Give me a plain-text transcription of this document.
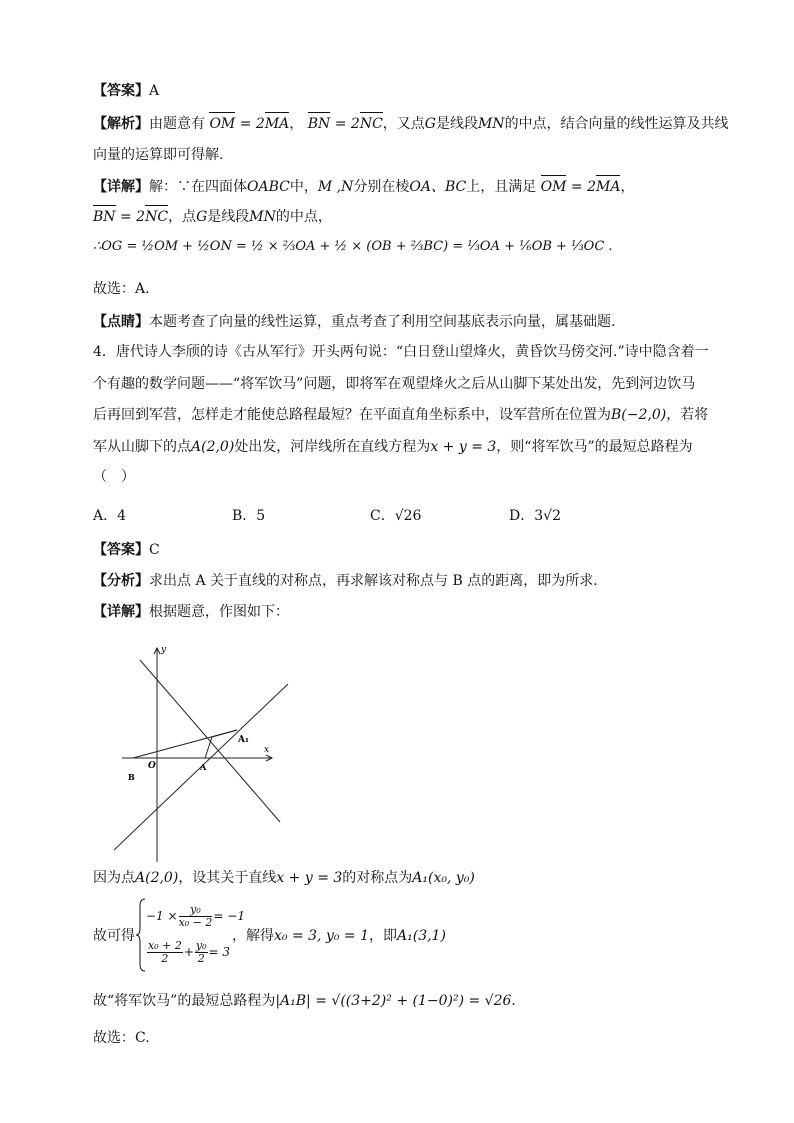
【答案】A
【解析】由题意有 OM = 2MA， BN = 2NC，又点G是线段MN的中点，结合向量的线性运算及共线
向量的运算即可得解.
【详解】解：∵在四面体OABC中，M ,N分别在棱OA、BC上，且满足 OM = 2MA，
BN = 2NC，点G是线段MN的中点，
∴OG = ½OM + ½ON = ½ × ⅔OA + ½ × (OB + ⅔BC) = ⅓OA + ⅙OB + ⅓OC .
故选：A.
【点睛】本题考查了向量的线性运算，重点考查了利用空间基底表示向量，属基础题.
4．唐代诗人李颀的诗《古从军行》开头两句说：“白日登山望烽火，黄昏饮马傍交河.”诗中隐含着一
个有趣的数学问题——“将军饮马”问题，即将军在观望烽火之后从山脚下某处出发，先到河边饮马
后再回到军营，怎样走才能使总路程最短？在平面直角坐标系中，设军营所在位置为B(−2,0)，若将
军从山脚下的点A(2,0)处出发，河岸线所在直线方程为x + y = 3，则“将军饮马”的最短总路程为
（　）
A．4	B．5	C．√26	D．3√2
【答案】C
【分析】求出点 A 关于直线的对称点，再求解该对称点与 B 点的距离，即为所求.
【详解】根据题意，作图如下：
y
x
O
B
A
A₁
因为点A(2,0)，设其关于直线x + y = 3的对称点为A₁(x₀, y₀)
$-1 \times \frac{\text{y₀}}{\text{x₀ − 2}} = -1$
x₀ + 2
2	+ $\frac{\text{y₀}}{2} = 3$
故可得	，解得x₀ = 3, y₀ = 1，即A₁(3,1)
故“将军饮马”的最短总路程为|A₁B| = √((3+2)² + (1−0)²) = √26.
故选：C.
